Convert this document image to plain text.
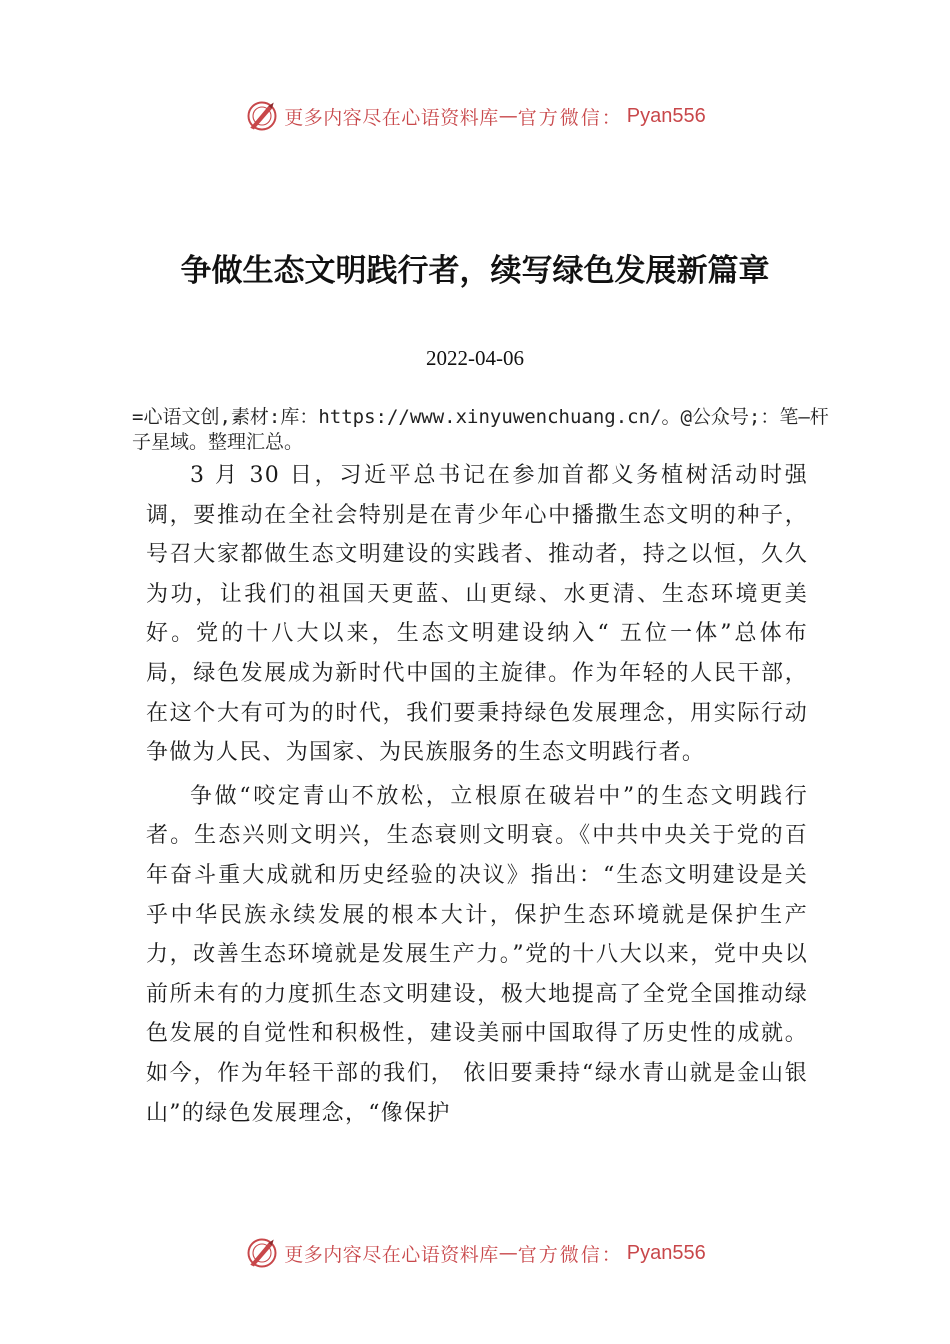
更多内容尽在心语资料库 — 官方微信： Pyan556
争做生态文明践行者，续写绿色发展新篇章
2022-04-06
=心语文创,素材:库：https://www.xinyuwenchuang.cn/。@公众号;：笔—杆子星域。整理汇总。

3 月 30 日，习近平总书记在参加首都义务植树活动时强调，要推动在全社会特别是在青少年心中播撒生态文明的种子，号召大家都做生态文明建设的实践者、推动者，持之以恒，久久为功，让我们的祖国天更蓝、山更绿、水更清、生态环境更美好。党的十八大以来，生态文明建设纳入“ 五位一体”总体布局，绿色发展成为新时代中国的主旋律。作为年轻的人民干部，在这个大有可为的时代，我们要秉持绿色发展理念，用实际行动争做为人民、为国家、为民族服务的生态文明践行者。

争做“咬定青山不放松，立根原在破岩中”的生态文明践行者。生态兴则文明兴，生态衰则文明衰。《中共中央关于党的百年奋斗重大成就和历史经验的决议》指出：“生态文明建设是关乎中华民族永续发展的根本大计，保护生态环境就是保护生产力，改善生态环境就是发展生产力。”党的十八大以来，党中央以前所未有的力度抓生态文明建设，极大地提高了全党全国推动绿色发展的自觉性和积极性，建设美丽中国取得了历史性的成就。如今，作为年轻干部的我们， 依旧要秉持“绿水青山就是金山银山”的绿色发展理念，“像保护

更多内容尽在心语资料库 — 官方微信： Pyan556
